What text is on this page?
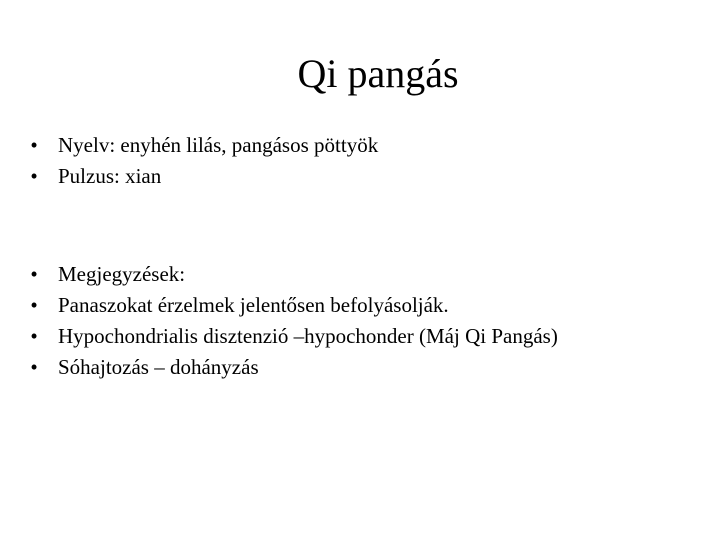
Qi pangás
• Nyelv: enyhén lilás, pangásos pöttyök
• Pulzus: xian
• Megjegyzések:
• Panaszokat érzelmek jelentősen befolyásolják.
• Hypochondrialis disztenzió –hypochonder (Máj Qi Pangás)
• Sóhajtozás – dohányzás
